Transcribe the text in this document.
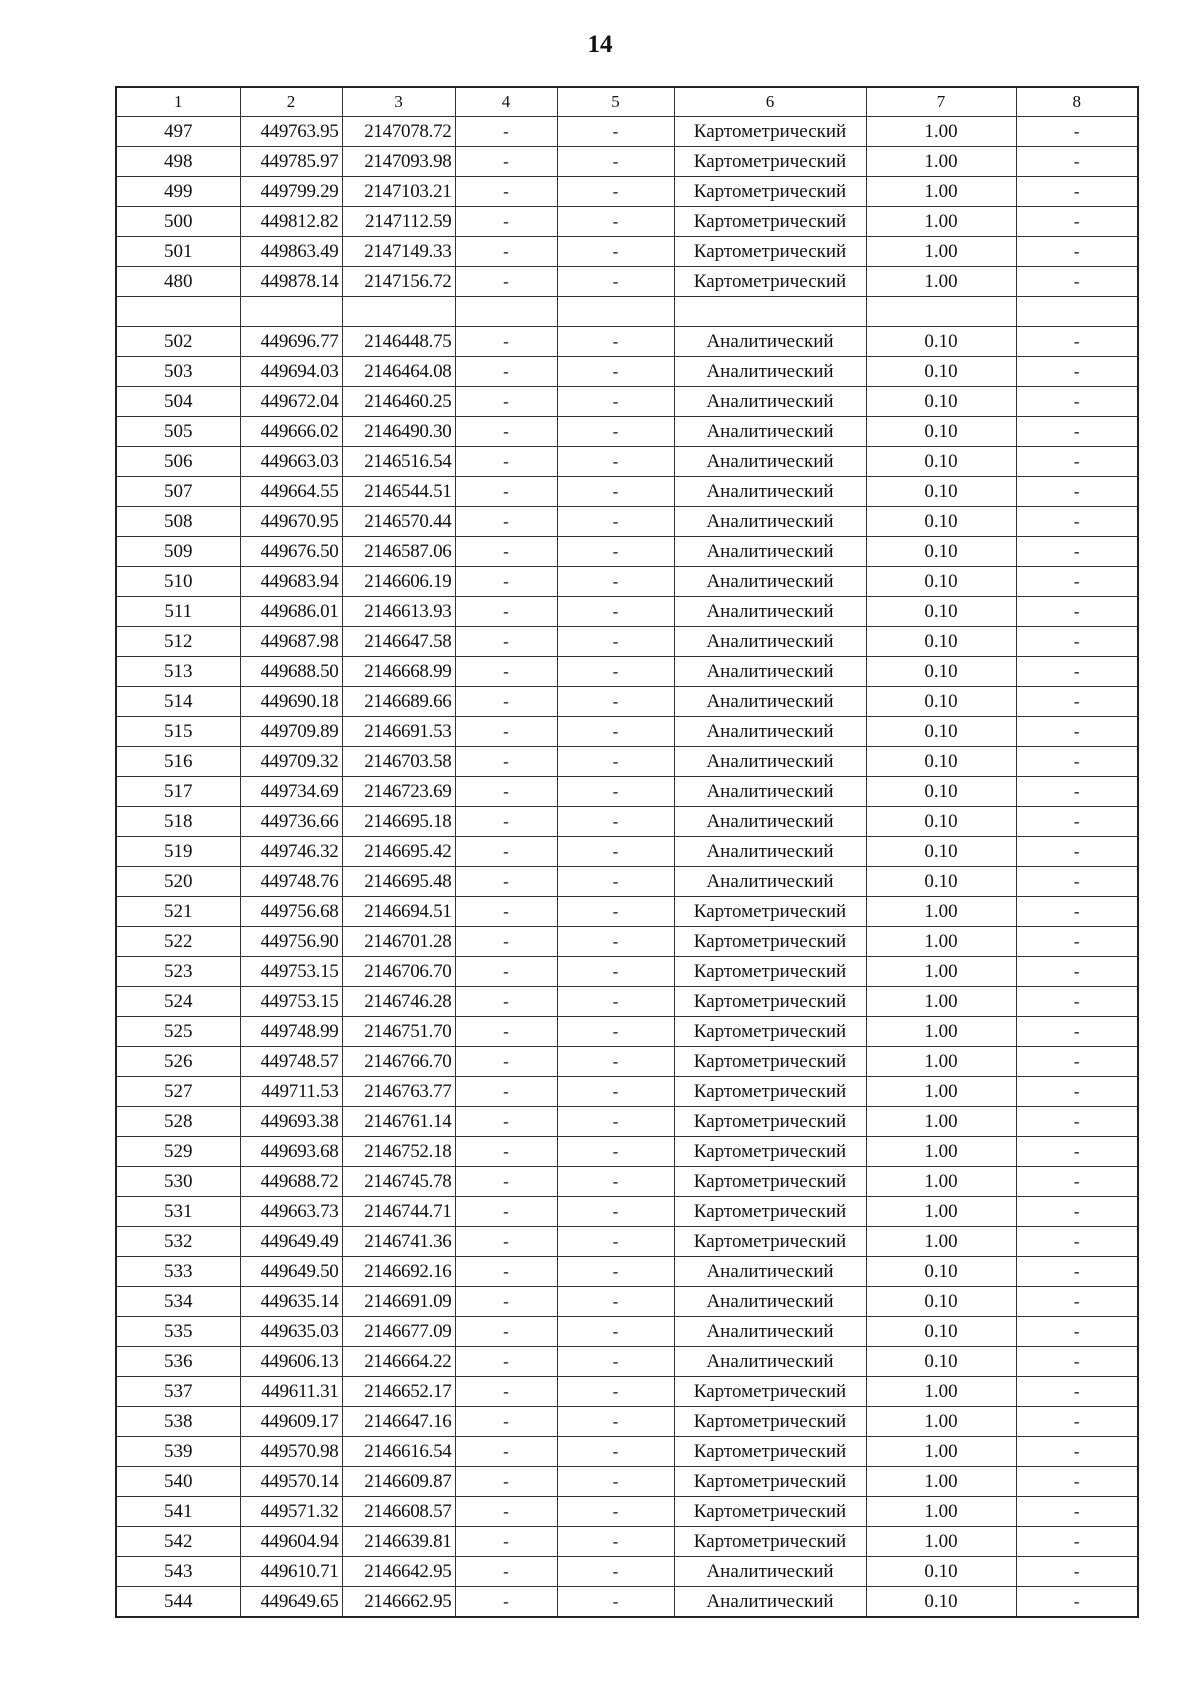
14
1	2	3	4	5	6	7	8
497	449763.95	2147078.72	-	-	Картометрический	1.00	-
498	449785.97	2147093.98	-	-	Картометрический	1.00	-
499	449799.29	2147103.21	-	-	Картометрический	1.00	-
500	449812.82	2147112.59	-	-	Картометрический	1.00	-
501	449863.49	2147149.33	-	-	Картометрический	1.00	-
480	449878.14	2147156.72	-	-	Картометрический	1.00	-

502	449696.77	2146448.75	-	-	Аналитический	0.10	-
503	449694.03	2146464.08	-	-	Аналитический	0.10	-
504	449672.04	2146460.25	-	-	Аналитический	0.10	-
505	449666.02	2146490.30	-	-	Аналитический	0.10	-
506	449663.03	2146516.54	-	-	Аналитический	0.10	-
507	449664.55	2146544.51	-	-	Аналитический	0.10	-
508	449670.95	2146570.44	-	-	Аналитический	0.10	-
509	449676.50	2146587.06	-	-	Аналитический	0.10	-
510	449683.94	2146606.19	-	-	Аналитический	0.10	-
511	449686.01	2146613.93	-	-	Аналитический	0.10	-
512	449687.98	2146647.58	-	-	Аналитический	0.10	-
513	449688.50	2146668.99	-	-	Аналитический	0.10	-
514	449690.18	2146689.66	-	-	Аналитический	0.10	-
515	449709.89	2146691.53	-	-	Аналитический	0.10	-
516	449709.32	2146703.58	-	-	Аналитический	0.10	-
517	449734.69	2146723.69	-	-	Аналитический	0.10	-
518	449736.66	2146695.18	-	-	Аналитический	0.10	-
519	449746.32	2146695.42	-	-	Аналитический	0.10	-
520	449748.76	2146695.48	-	-	Аналитический	0.10	-
521	449756.68	2146694.51	-	-	Картометрический	1.00	-
522	449756.90	2146701.28	-	-	Картометрический	1.00	-
523	449753.15	2146706.70	-	-	Картометрический	1.00	-
524	449753.15	2146746.28	-	-	Картометрический	1.00	-
525	449748.99	2146751.70	-	-	Картометрический	1.00	-
526	449748.57	2146766.70	-	-	Картометрический	1.00	-
527	449711.53	2146763.77	-	-	Картометрический	1.00	-
528	449693.38	2146761.14	-	-	Картометрический	1.00	-
529	449693.68	2146752.18	-	-	Картометрический	1.00	-
530	449688.72	2146745.78	-	-	Картометрический	1.00	-
531	449663.73	2146744.71	-	-	Картометрический	1.00	-
532	449649.49	2146741.36	-	-	Картометрический	1.00	-
533	449649.50	2146692.16	-	-	Аналитический	0.10	-
534	449635.14	2146691.09	-	-	Аналитический	0.10	-
535	449635.03	2146677.09	-	-	Аналитический	0.10	-
536	449606.13	2146664.22	-	-	Аналитический	0.10	-
537	449611.31	2146652.17	-	-	Картометрический	1.00	-
538	449609.17	2146647.16	-	-	Картометрический	1.00	-
539	449570.98	2146616.54	-	-	Картометрический	1.00	-
540	449570.14	2146609.87	-	-	Картометрический	1.00	-
541	449571.32	2146608.57	-	-	Картометрический	1.00	-
542	449604.94	2146639.81	-	-	Картометрический	1.00	-
543	449610.71	2146642.95	-	-	Аналитический	0.10	-
544	449649.65	2146662.95	-	-	Аналитический	0.10	-
